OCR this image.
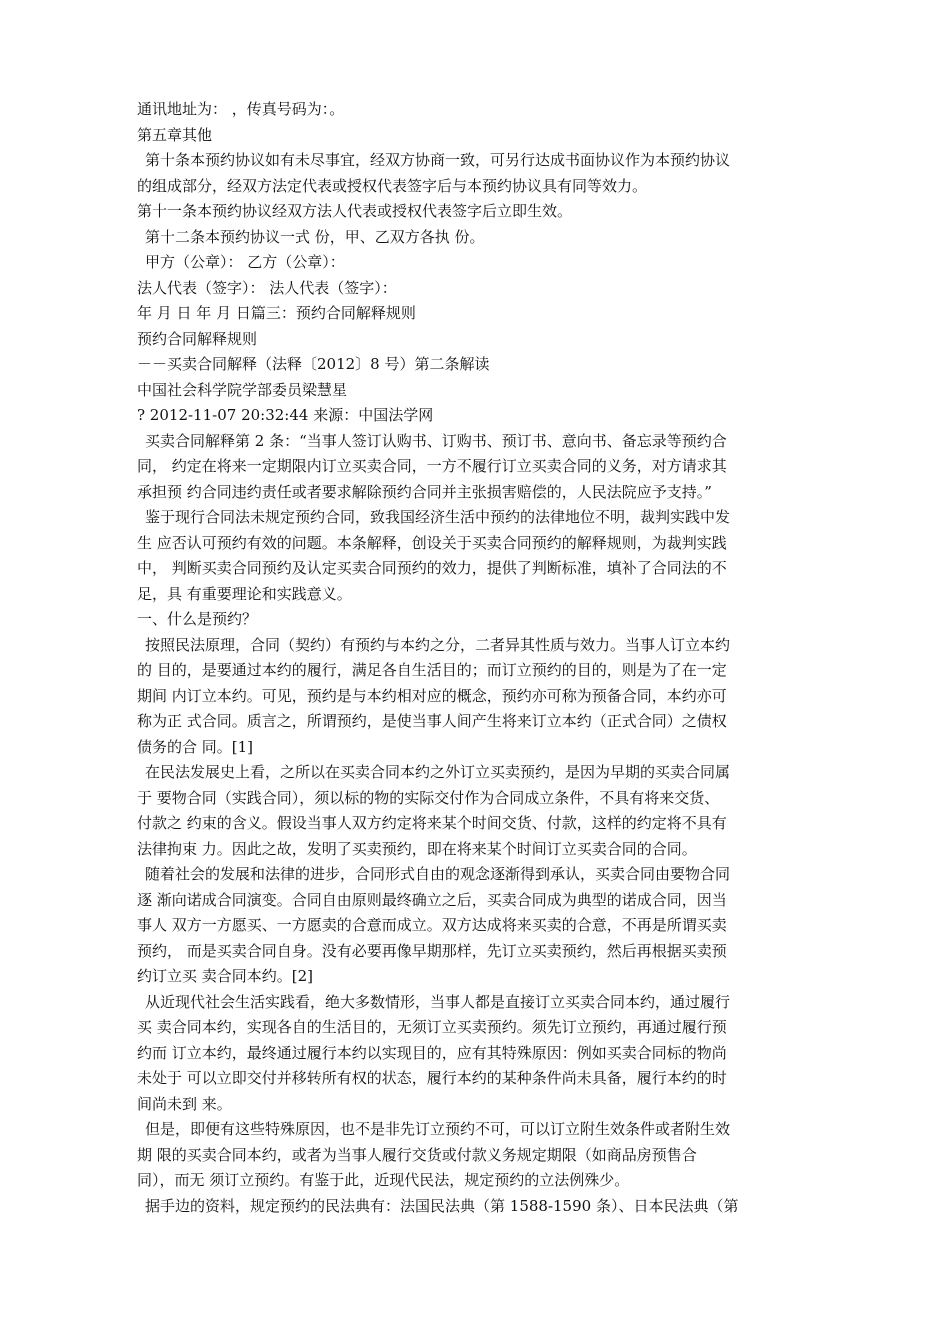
通讯地址为： ，传真号码为：。
第五章其他
第十条本预约协议如有未尽事宜，经双方协商一致，可另行达成书面协议作为本预约协议
的组成部分，经双方法定代表或授权代表签字后与本预约协议具有同等效力。
第十一条本预约协议经双方法人代表或授权代表签字后立即生效。
第十二条本预约协议一式 份，甲、乙双方各执 份。
甲方（公章）： 乙方（公章）：
法人代表（签字）： 法人代表（签字）：
年 月 日 年 月 日篇三：预约合同解释规则
预约合同解释规则
－－买卖合同解释（法释〔2012〕8 号）第二条解读
中国社会科学院学部委员梁慧星
? 2012-11-07 20:32:44 来源：中国法学网
买卖合同解释第 2 条：“当事人签订认购书、订购书、预订书、意向书、备忘录等预约合
同， 约定在将来一定期限内订立买卖合同，一方不履行订立买卖合同的义务，对方请求其
承担预 约合同违约责任或者要求解除预约合同并主张损害赔偿的，人民法院应予支持。”
鉴于现行合同法未规定预约合同，致我国经济生活中预约的法律地位不明，裁判实践中发
生 应否认可预约有效的问题。本条解释，创设关于买卖合同预约的解释规则，为裁判实践
中， 判断买卖合同预约及认定买卖合同预约的效力，提供了判断标准，填补了合同法的不
足，具 有重要理论和实践意义。
一、什么是预约？
按照民法原理，合同（契约）有预约与本约之分，二者异其性质与效力。当事人订立本约
的 目的，是要通过本约的履行，满足各自生活目的；而订立预约的目的，则是为了在一定
期间 内订立本约。可见，预约是与本约相对应的概念，预约亦可称为预备合同，本约亦可
称为正 式合同。质言之，所谓预约，是使当事人间产生将来订立本约（正式合同）之债权
债务的合 同。[1]
在民法发展史上看，之所以在买卖合同本约之外订立买卖预约，是因为早期的买卖合同属
于 要物合同（实践合同），须以标的物的实际交付作为合同成立条件，不具有将来交货、
付款之 约束的含义。假设当事人双方约定将来某个时间交货、付款，这样的约定将不具有
法律拘束 力。因此之故，发明了买卖预约，即在将来某个时间订立买卖合同的合同。
随着社会的发展和法律的进步，合同形式自由的观念逐渐得到承认，买卖合同由要物合同
逐 渐向诺成合同演变。合同自由原则最终确立之后，买卖合同成为典型的诺成合同，因当
事人 双方一方愿买、一方愿卖的合意而成立。双方达成将来买卖的合意，不再是所谓买卖
预约， 而是买卖合同自身。没有必要再像早期那样，先订立买卖预约，然后再根据买卖预
约订立买 卖合同本约。[2]
从近现代社会生活实践看，绝大多数情形，当事人都是直接订立买卖合同本约，通过履行
买 卖合同本约，实现各自的生活目的，无须订立买卖预约。须先订立预约，再通过履行预
约而 订立本约，最终通过履行本约以实现目的，应有其特殊原因：例如买卖合同标的物尚
未处于 可以立即交付并移转所有权的状态，履行本约的某种条件尚未具备，履行本约的时
间尚未到 来。
但是，即便有这些特殊原因，也不是非先订立预约不可，可以订立附生效条件或者附生效
期 限的买卖合同本约，或者为当事人履行交货或付款义务规定期限（如商品房预售合
同），而无 须订立预约。有鉴于此，近现代民法，规定预约的立法例殊少。
据手边的资料，规定预约的民法典有：法国民法典（第 1588-1590 条）、日本民法典（第
